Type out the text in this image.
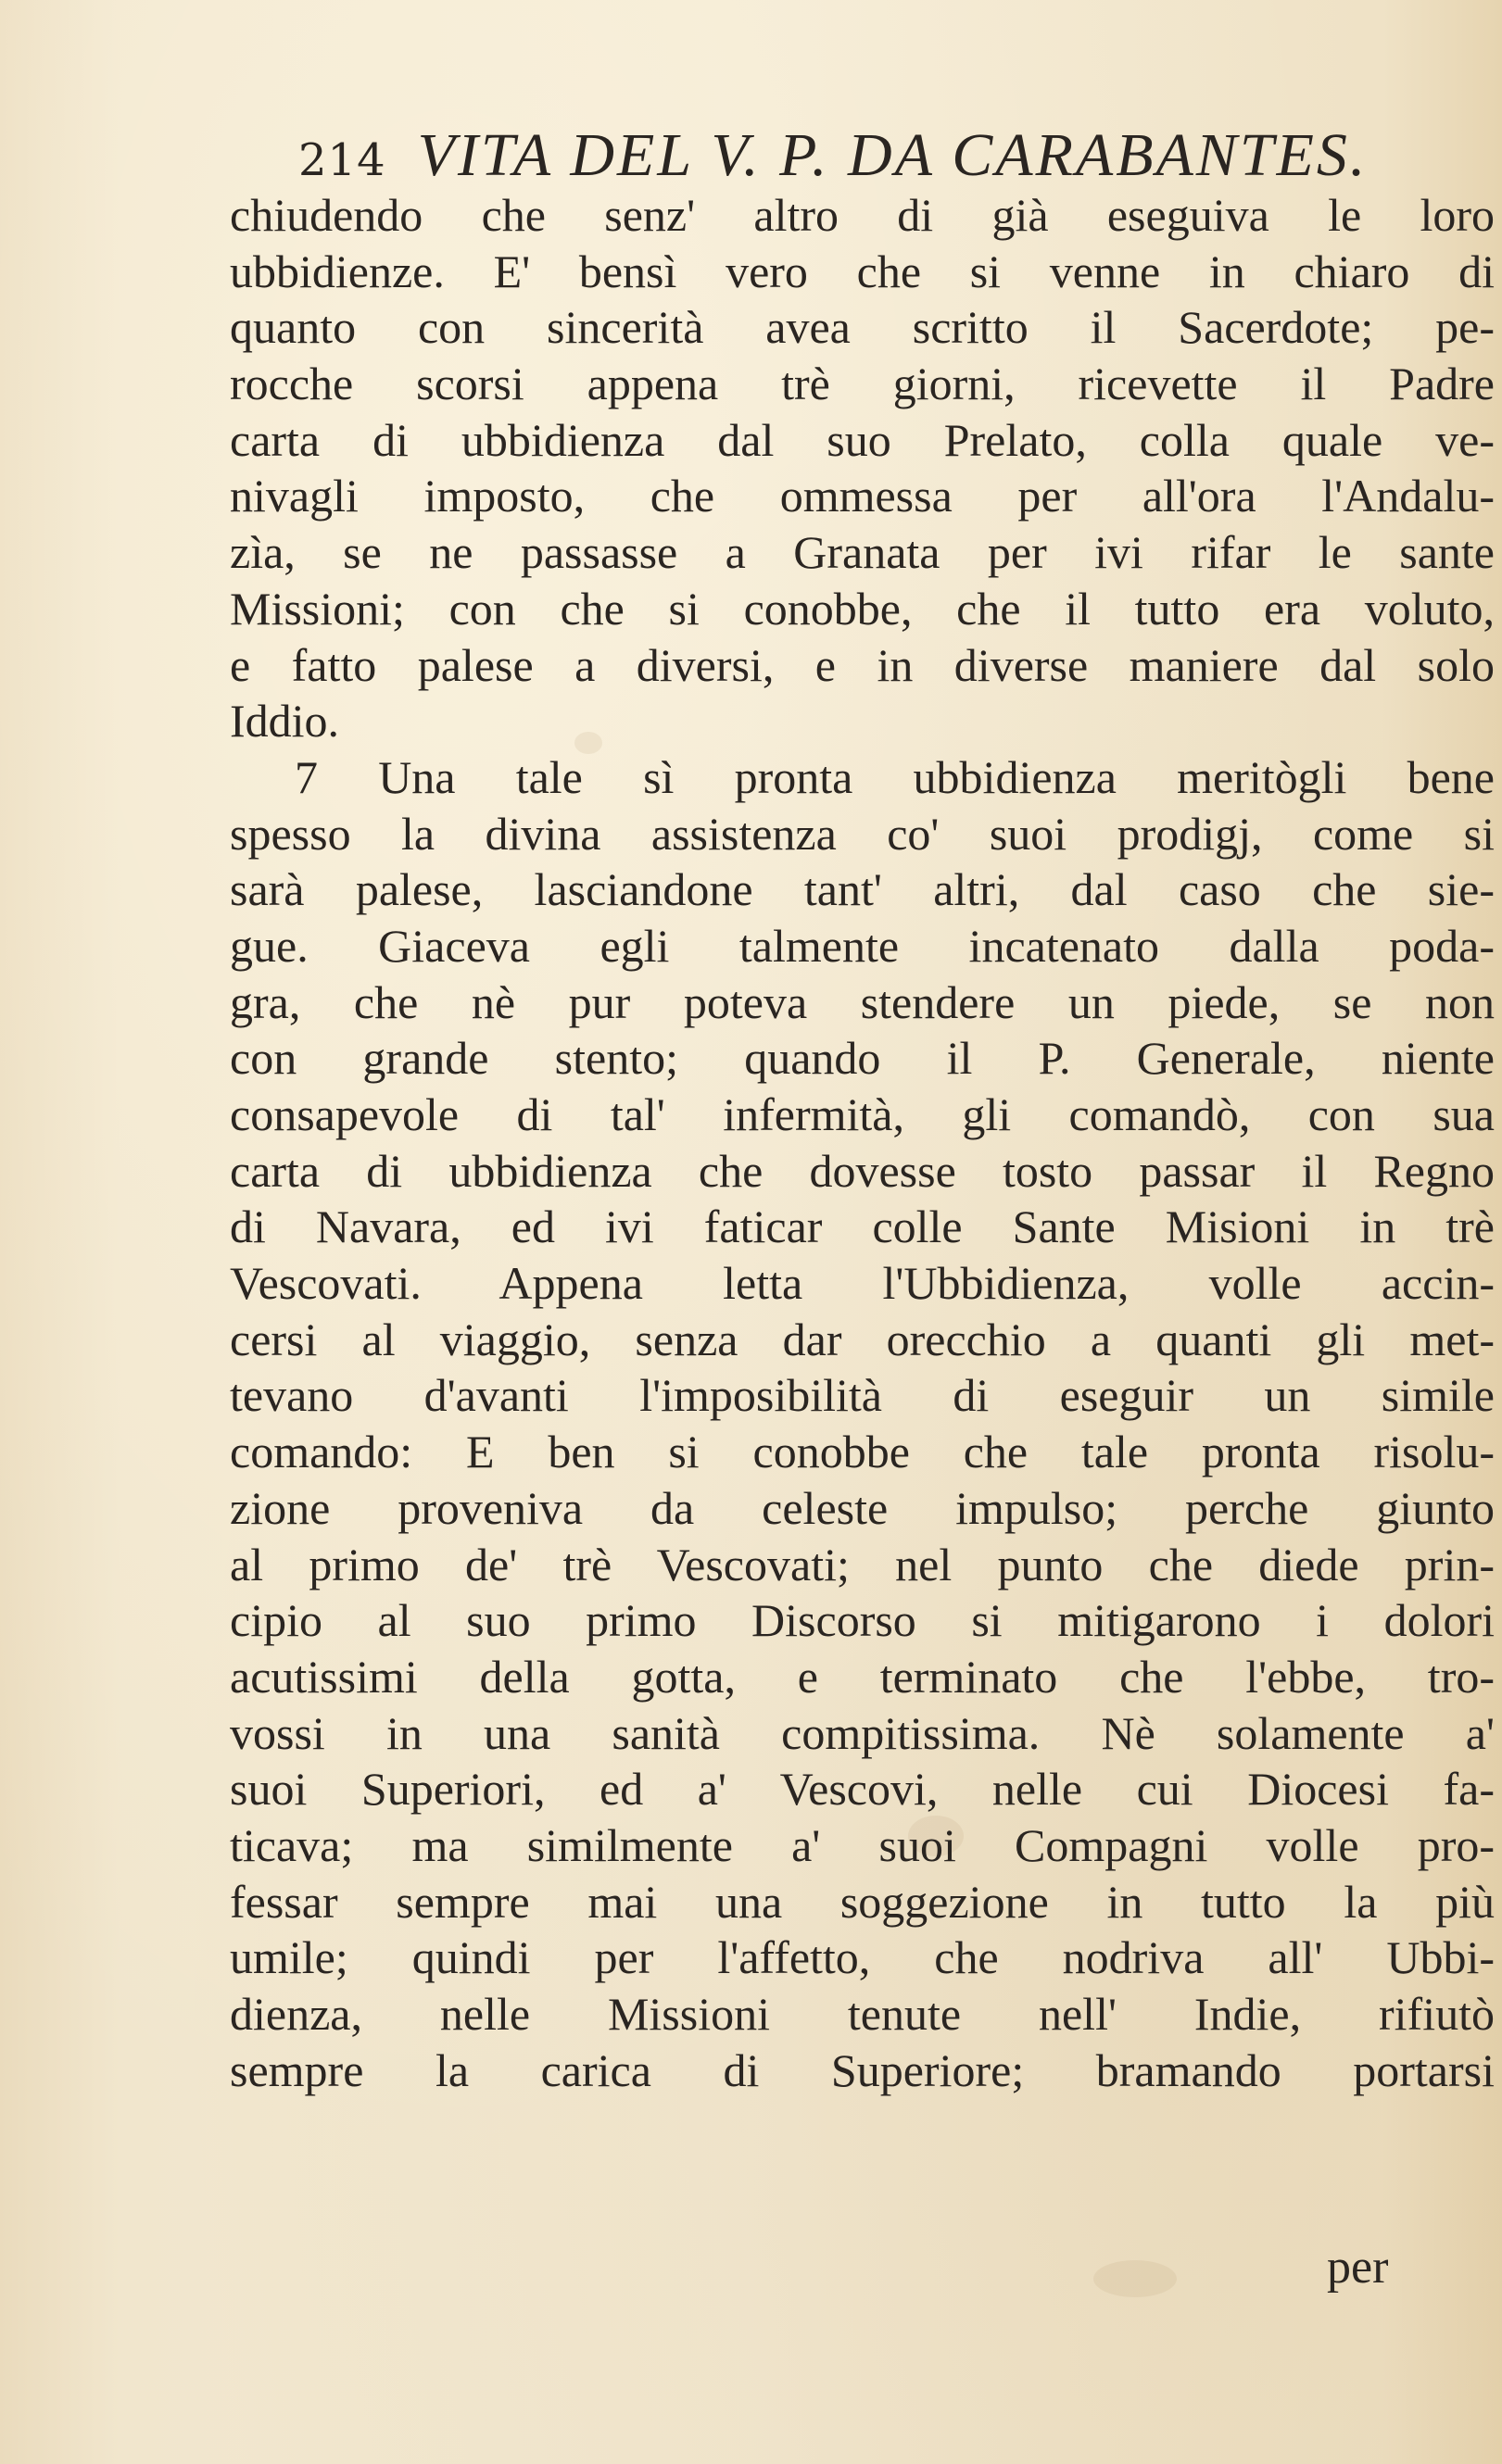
214 VITA DEL V. P. DA CARABANTES.
chiudendo che senz' altro di già eseguiva le loro
ubbidienze. E' bensì vero che si venne in chiaro di
quanto con sincerità avea scritto il Sacerdote; pe-
rocche scorsi appena trè giorni, ricevette il Padre
carta di ubbidienza dal suo Prelato, colla quale ve-
nivagli imposto, che ommessa per all'ora l'Andalu-
zìa, se ne passasse a Granata per ivi rifar le sante
Missioni; con che si conobbe, che il tutto era voluto,
e fatto palese a diversi, e in diverse maniere dal solo
Iddio.
7 Una tale sì pronta ubbidienza meritògli bene
spesso la divina assistenza co' suoi prodigj, come si
sarà palese, lasciandone tant' altri, dal caso che sie-
gue. Giaceva egli talmente incatenato dalla poda-
gra, che nè pur poteva stendere un piede, se non
con grande stento; quando il P. Generale, niente
consapevole di tal' infermità, gli comandò, con sua
carta di ubbidienza che dovesse tosto passar il Regno
di Navara, ed ivi faticar colle Sante Misioni in trè
Vescovati. Appena letta l'Ubbidienza, volle accin-
cersi al viaggio, senza dar orecchio a quanti gli met-
tevano d'avanti l'imposibilità di eseguir un simile
comando: E ben si conobbe che tale pronta risolu-
zione proveniva da celeste impulso; perche giunto
al primo de' trè Vescovati; nel punto che diede prin-
cipio al suo primo Discorso si mitigarono i dolori
acutissimi della gotta, e terminato che l'ebbe, tro-
vossi in una sanità compitissima. Nè solamente a'
suoi Superiori, ed a' Vescovi, nelle cui Diocesi fa-
ticava; ma similmente a' suoi Compagni volle pro-
fessar sempre mai una soggezione in tutto la più
umile; quindi per l'affetto, che nodriva all' Ubbi-
dienza, nelle Missioni tenute nell' Indie, rifiutò
sempre la carica di Superiore; bramando portarsi
per
